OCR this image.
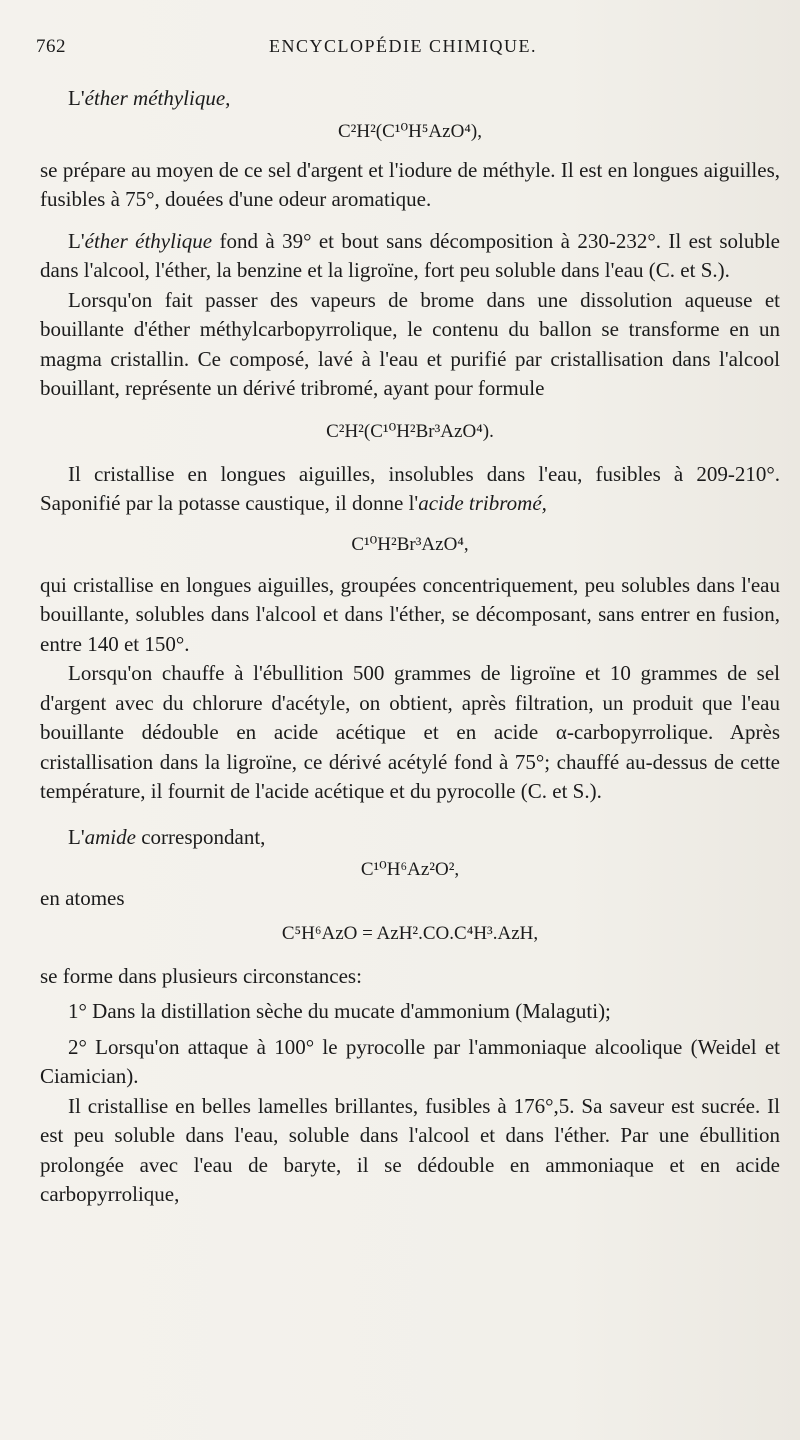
762	ENCYCLOPÉDIE CHIMIQUE.

L'éther méthylique,

C²H²(C¹⁰H⁵AzO⁴),

se prépare au moyen de ce sel d'argent et l'iodure de méthyle. Il est en longues aiguilles, fusibles à 75°, douées d'une odeur aromatique.

L'éther éthylique fond à 39° et bout sans décomposition à 230-232°. Il est soluble dans l'alcool, l'éther, la benzine et la ligroïne, fort peu soluble dans l'eau (C. et S.).

Lorsqu'on fait passer des vapeurs de brome dans une dissolution aqueuse et bouillante d'éther méthylcarbopyrrolique, le contenu du ballon se transforme en un magma cristallin. Ce composé, lavé à l'eau et purifié par cristallisation dans l'alcool bouillant, représente un dérivé tribromé, ayant pour formule

C²H²(C¹⁰H²Br³AzO⁴).

Il cristallise en longues aiguilles, insolubles dans l'eau, fusibles à 209-210°. Saponifié par la potasse caustique, il donne l'acide tribromé,

C¹⁰H²Br³AzO⁴,

qui cristallise en longues aiguilles, groupées concentriquement, peu solubles dans l'eau bouillante, solubles dans l'alcool et dans l'éther, se décomposant, sans entrer en fusion, entre 140 et 150°.

Lorsqu'on chauffe à l'ébullition 500 grammes de ligroïne et 10 grammes de sel d'argent avec du chlorure d'acétyle, on obtient, après filtration, un produit que l'eau bouillante dédouble en acide acétique et en acide α-carbopyrrolique. Après cristallisation dans la ligroïne, ce dérivé acétylé fond à 75°; chauffé au-dessus de cette température, il fournit de l'acide acétique et du pyrocolle (C. et S.).

L'amide correspondant,

C¹⁰H⁶Az²O²,

en atomes

C⁵H⁶AzO = AzH².CO.C⁴H³.AzH,

se forme dans plusieurs circonstances:

1° Dans la distillation sèche du mucate d'ammonium (Malaguti);

2° Lorsqu'on attaque à 100° le pyrocolle par l'ammoniaque alcoolique (Weidel et Ciamician).

Il cristallise en belles lamelles brillantes, fusibles à 176°,5. Sa saveur est sucrée. Il est peu soluble dans l'eau, soluble dans l'alcool et dans l'éther. Par une ébullition prolongée avec l'eau de baryte, il se dédouble en ammoniaque et en acide carbopyrrolique,
